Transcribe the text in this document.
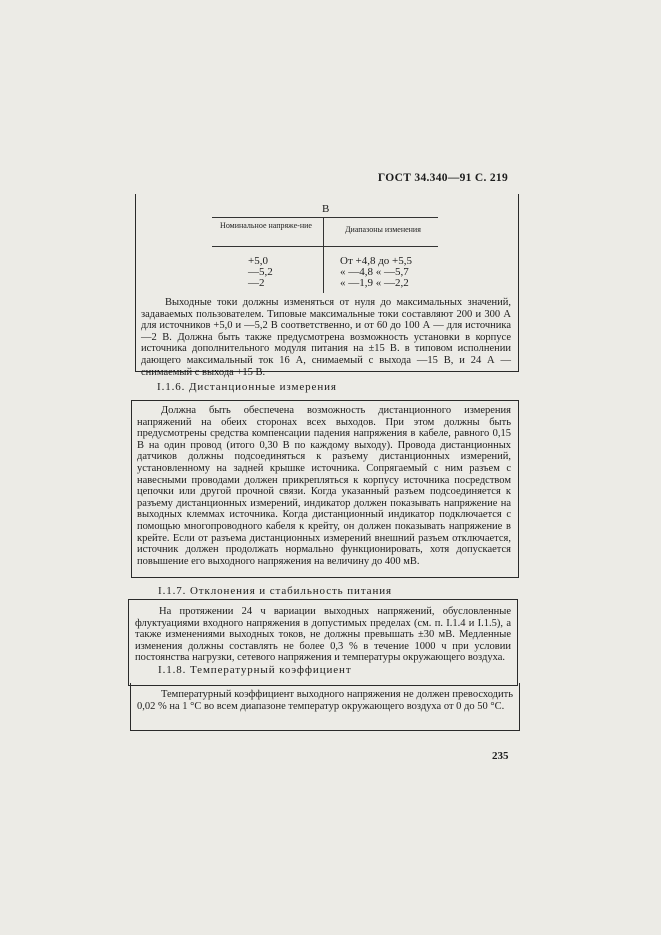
ГОСТ 34.340—91 С. 219
В
Номинальное напряже-ние	Диапазоны изменения
+5,0
—5,2
—2
От +4,8 до +5,5
« —4,8 « —5,7
« —1,9 « —2,2

Выходные токи должны изменяться от нуля до максимальных значений, задаваемых пользователем. Типовые максимальные токи составляют 200 и 300 А для источников +5,0 и —5,2 В соответственно, и от 60 до 100 А — для источника —2 В. Должна быть также предусмотрена возможность установки в корпусе источника дополнительного модуля питания на ±15 В. в типовом исполнении дающего максимальный ток 16 А, снимаемый с выхода —15 В, и 24 А — снимаемый с выхода +15 В.

I.1.6. Дистанционные измерения

Должна быть обеспечена возможность дистанционного измерения напряжений на обеих сторонах всех выходов. При этом должны быть предусмотрены средства компенсации падения напряжения в кабеле, равного 0,15 В на один провод (итого 0,30 В по каждому выходу). Провода дистанционных датчиков должны подсоединяться к разъему дистанционных измерений, установленному на задней крышке источника. Сопрягаемый с ним разъем с навесными проводами должен прикрепляться к корпусу источника посредством цепочки или другой прочной связи. Когда указанный разъем подсоединяется к разъему дистанционных измерений, индикатор должен показывать напряжение на выходных клеммах источника. Когда дистанционный индикатор подключается с помощью многопроводного кабеля к крейту, он должен показывать напряжение в крейте. Если от разъема дистанционных измерений внешний разъем отключается, источник должен продолжать нормально функционировать, хотя допускается повышение его выходного напряжения на величину до 400 мВ.

I.1.7. Отклонения и стабильность питания

На протяжении 24 ч вариации выходных напряжений, обусловленные флуктуациями входного напряжения в допустимых пределах (см. п. I.1.4 и I.1.5), а также изменениями выходных токов, не должны превышать ±30 мВ. Медленные изменения должны составлять не более 0,3 % в течение 1000 ч при условии постоянства нагрузки, сетевого напряжения и температуры окружающего воздуха.

I.1.8. Температурный коэффициент

Температурный коэффициент выходного напряжения не должен превосходить 0,02 % на 1 °С во всем диапазоне температур окружающего воздуха от 0 до 50 °С.

235
